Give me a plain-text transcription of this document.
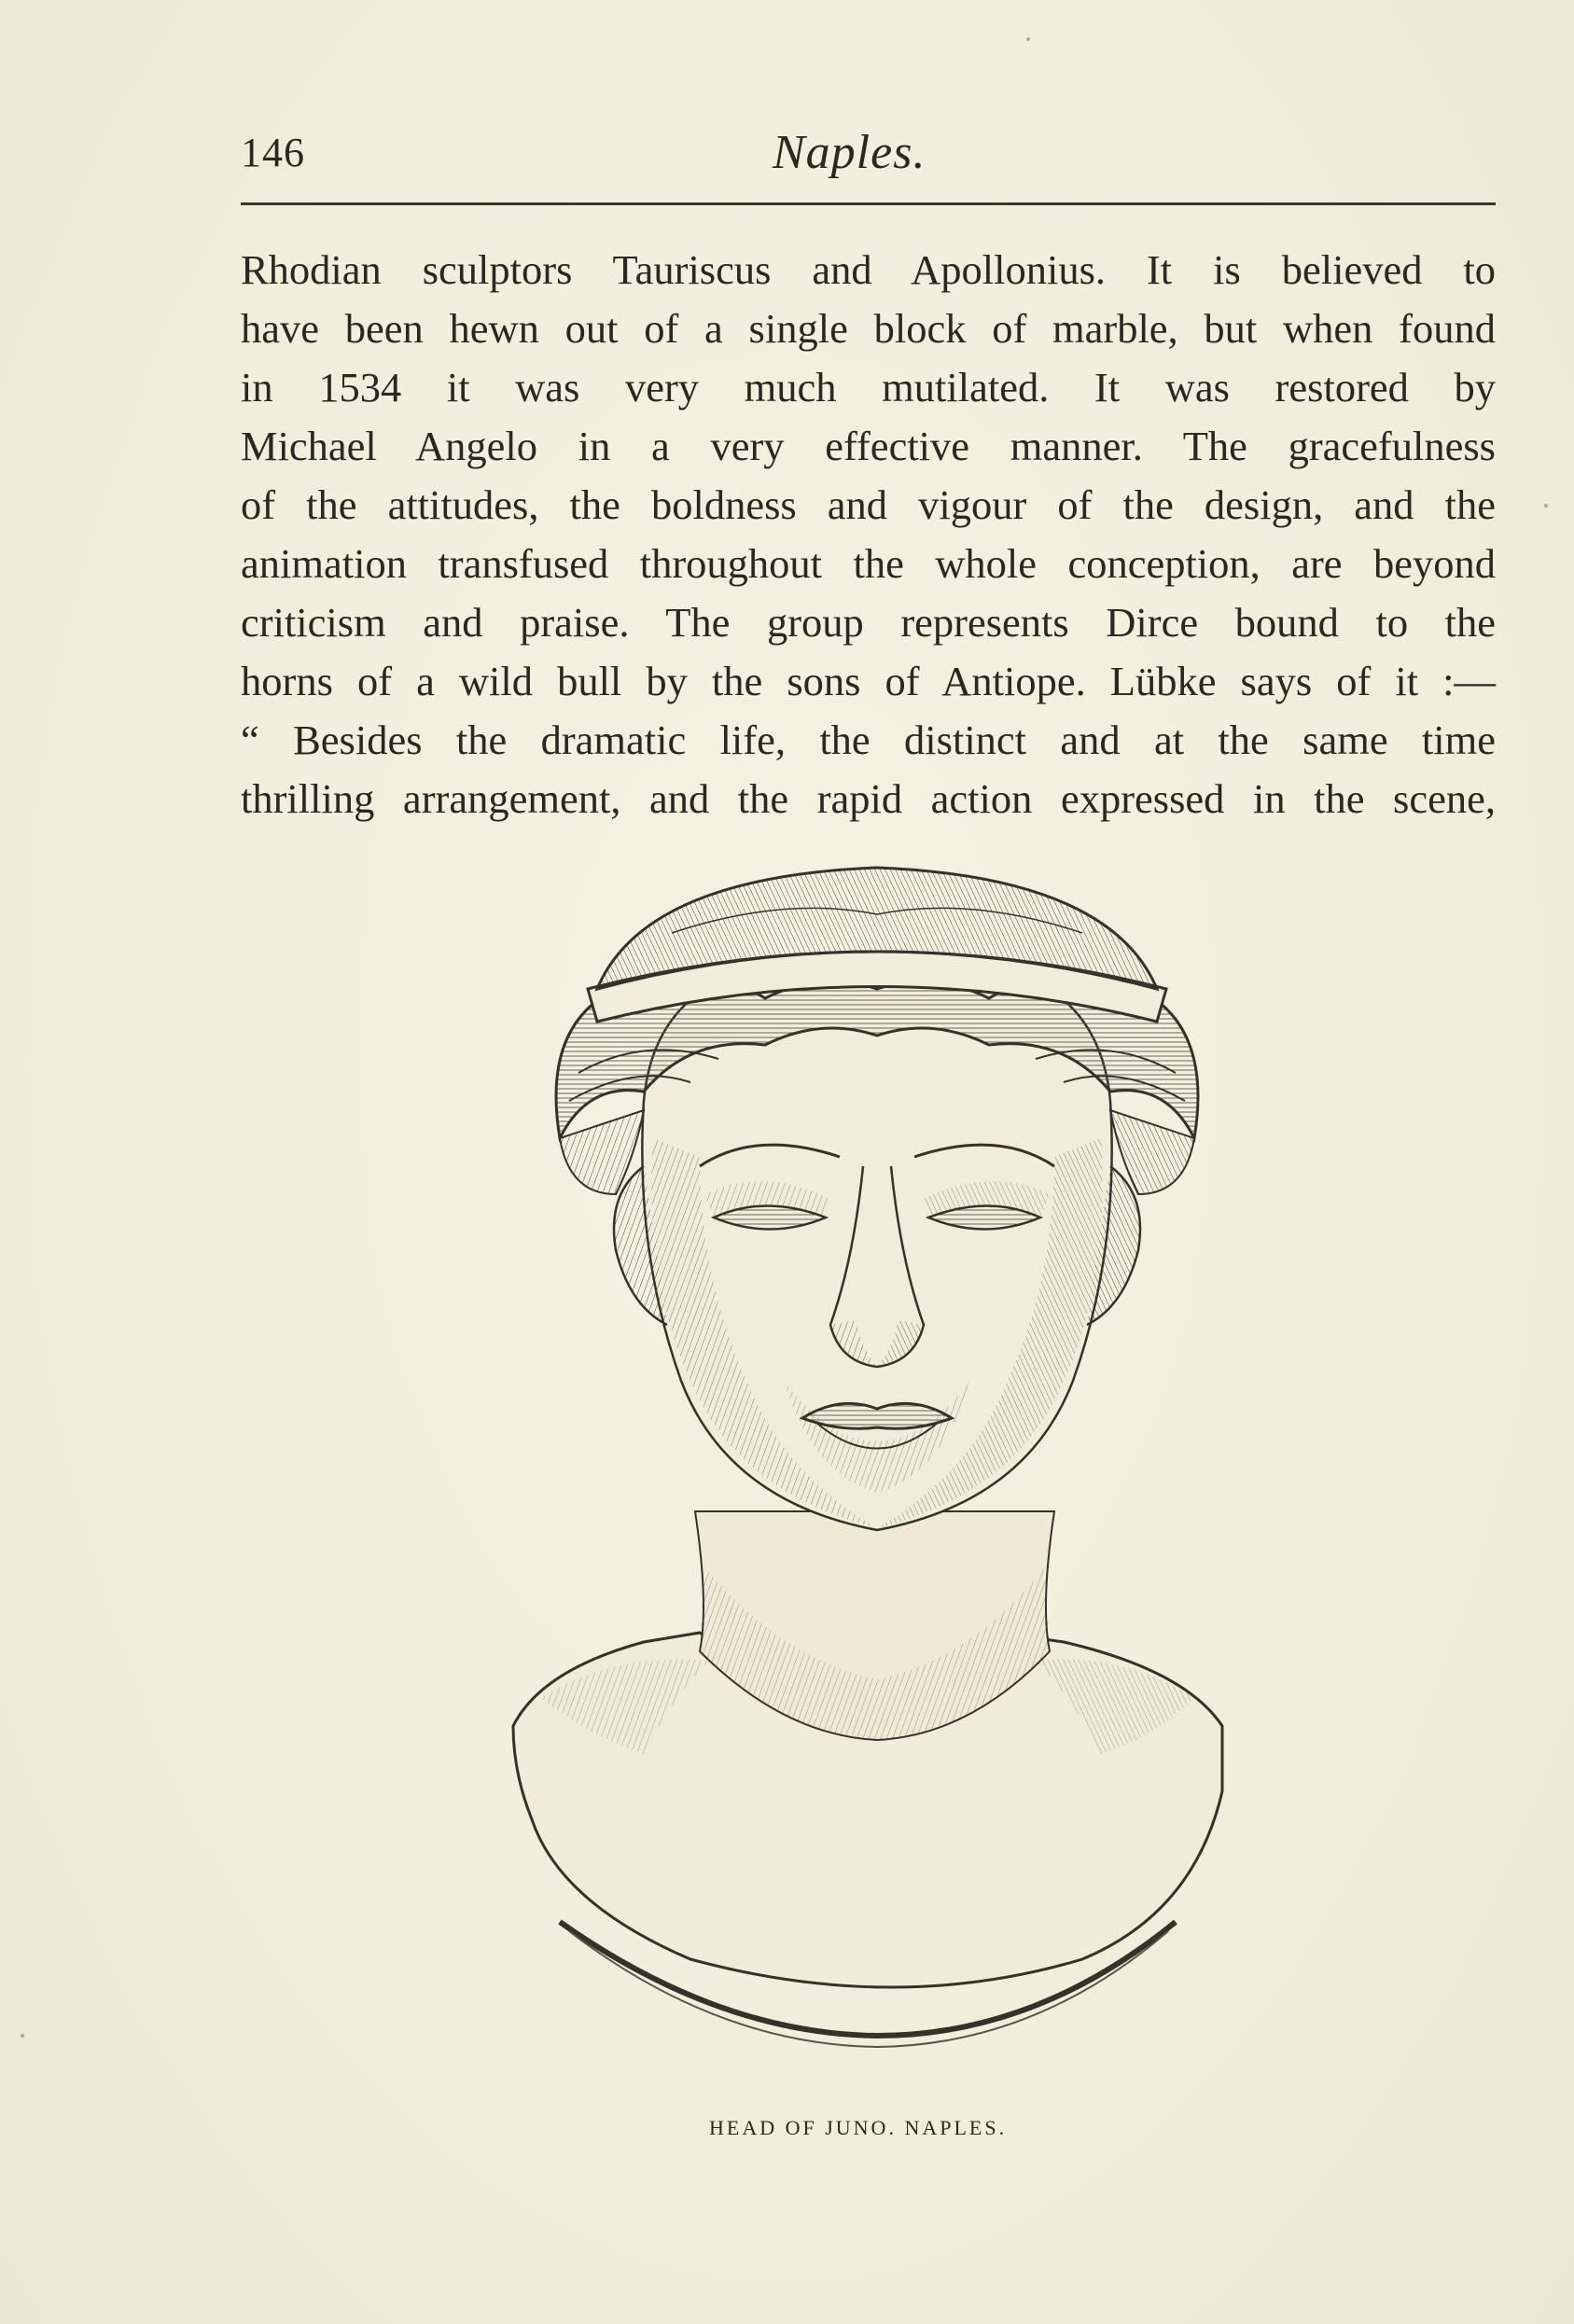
146	Naples.
Rhodian sculptors Tauriscus and Apollonius. It is believed to
have been hewn out of a single block of marble, but when found
in 1534 it was very much mutilated. It was restored by
Michael Angelo in a very effective manner. The gracefulness
of the attitudes, the boldness and vigour of the design, and the
animation transfused throughout the whole conception, are beyond
criticism and praise. The group represents Dirce bound to the
horns of a wild bull by the sons of Antiope. Lübke says of it :—
“ Besides the dramatic life, the distinct and at the same time
thrilling arrangement, and the rapid action expressed in the scene,
HEAD OF JUNO. NAPLES.
